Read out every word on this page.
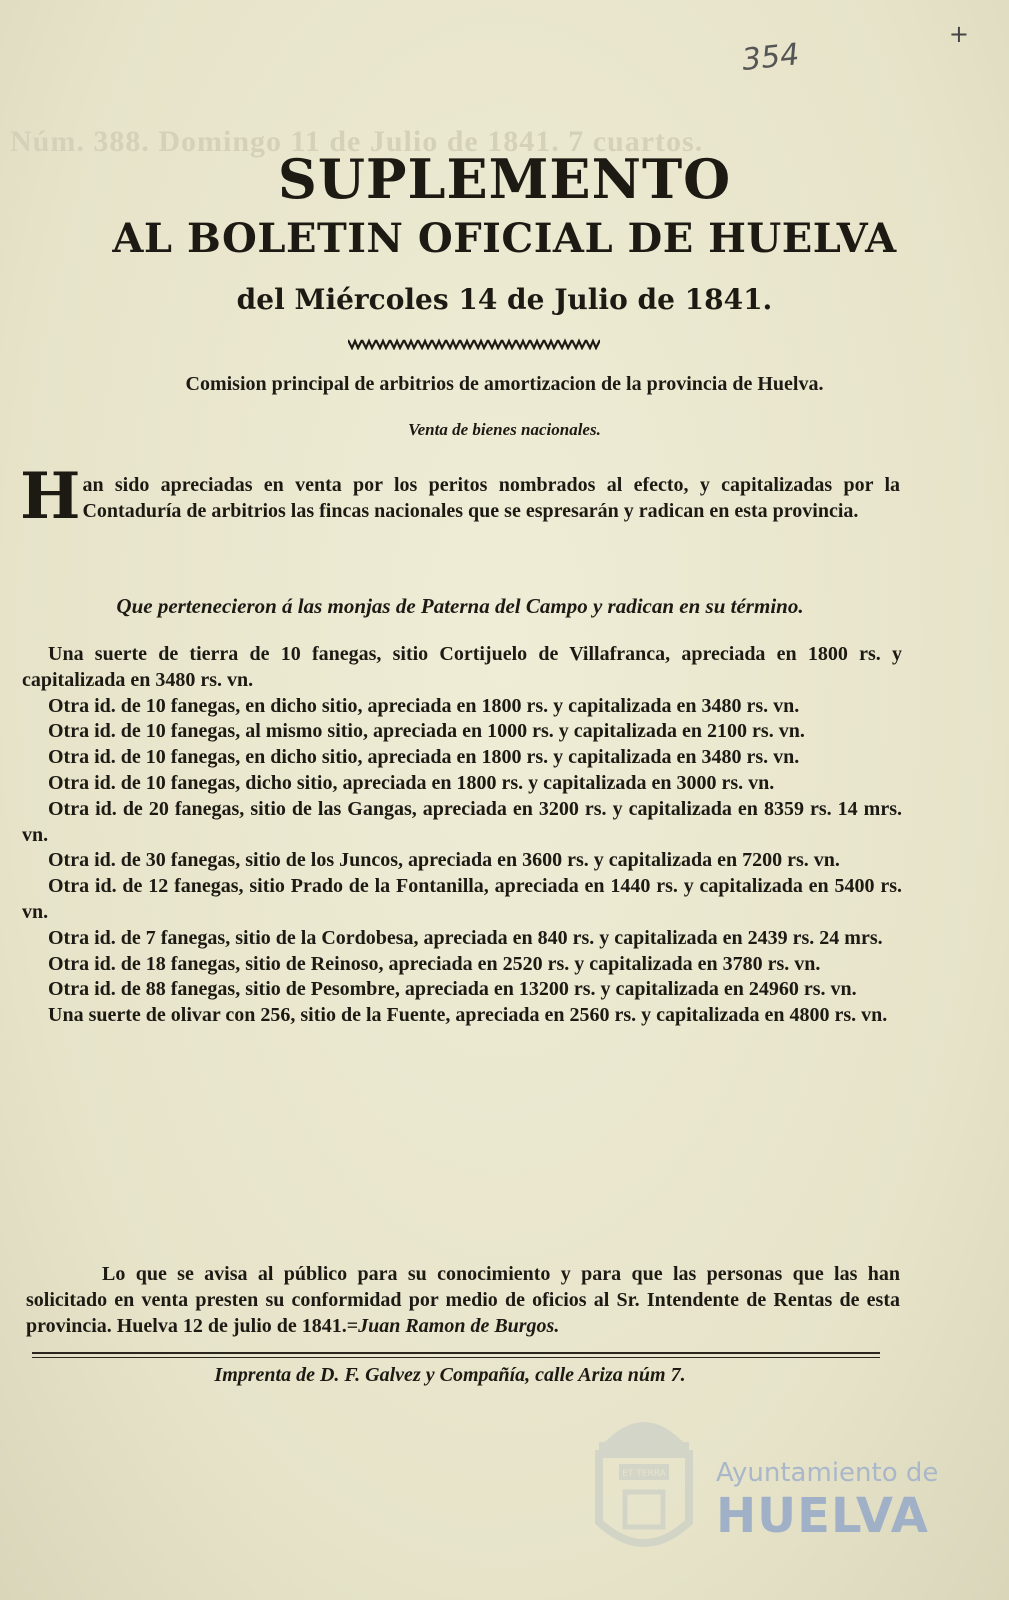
+
354
Núm. 388. Domingo 11 de Julio de 1841. 7 cuartos.
SUPLEMENTO
AL BOLETIN OFICIAL DE HUELVA
del Miércoles 14 de Julio de 1841.
Comision principal de arbitrios de amortizacion de la provincia de Huelva.
Venta de bienes nacionales.
Han sido apreciadas en venta por los peritos nombrados al efecto, y capitalizadas por la Contaduría de arbitrios las fincas nacionales que se espresarán y radican en esta provincia.
Que pertenecieron á las monjas de Paterna del Campo y radican en su término.

Una suerte de tierra de 10 fanegas, sitio Cortijuelo de Villafranca, apreciada en 1800 rs. y capitalizada en 3480 rs. vn.

Otra id. de 10 fanegas, en dicho sitio, apreciada en 1800 rs. y capitalizada en 3480 rs. vn.

Otra id. de 10 fanegas, al mismo sitio, apreciada en 1000 rs. y capitalizada en 2100 rs. vn.

Otra id. de 10 fanegas, en dicho sitio, apreciada en 1800 rs. y capitalizada en 3480 rs. vn.

Otra id. de 10 fanegas, dicho sitio, apreciada en 1800 rs. y capitalizada en 3000 rs. vn.

Otra id. de 20 fanegas, sitio de las Gangas, apreciada en 3200 rs. y capitalizada en 8359 rs. 14 mrs. vn.

Otra id. de 30 fanegas, sitio de los Juncos, apreciada en 3600 rs. y capitalizada en 7200 rs. vn.

Otra id. de 12 fanegas, sitio Prado de la Fontanilla, apreciada en 1440 rs. y capitalizada en 5400 rs. vn.

Otra id. de 7 fanegas, sitio de la Cordobesa, apreciada en 840 rs. y capitalizada en 2439 rs. 24 mrs.

Otra id. de 18 fanegas, sitio de Reinoso, apreciada en 2520 rs. y capitalizada en 3780 rs. vn.

Otra id. de 88 fanegas, sitio de Pesombre, apreciada en 13200 rs. y capitalizada en 24960 rs. vn.

Una suerte de olivar con 256, sitio de la Fuente, apreciada en 2560 rs. y capitalizada en 4800 rs. vn.

Lo que se avisa al público para su conocimiento y para que las personas que las han solicitado en venta presten su conformidad por medio de oficios al Sr. Intendente de Rentas de esta provincia. Huelva 12 de julio de 1841.=Juan Ramon de Burgos.
Imprenta de D. F. Galvez y Compañía, calle Ariza núm 7.
ET TERRA Ayuntamiento de
HUELVA
